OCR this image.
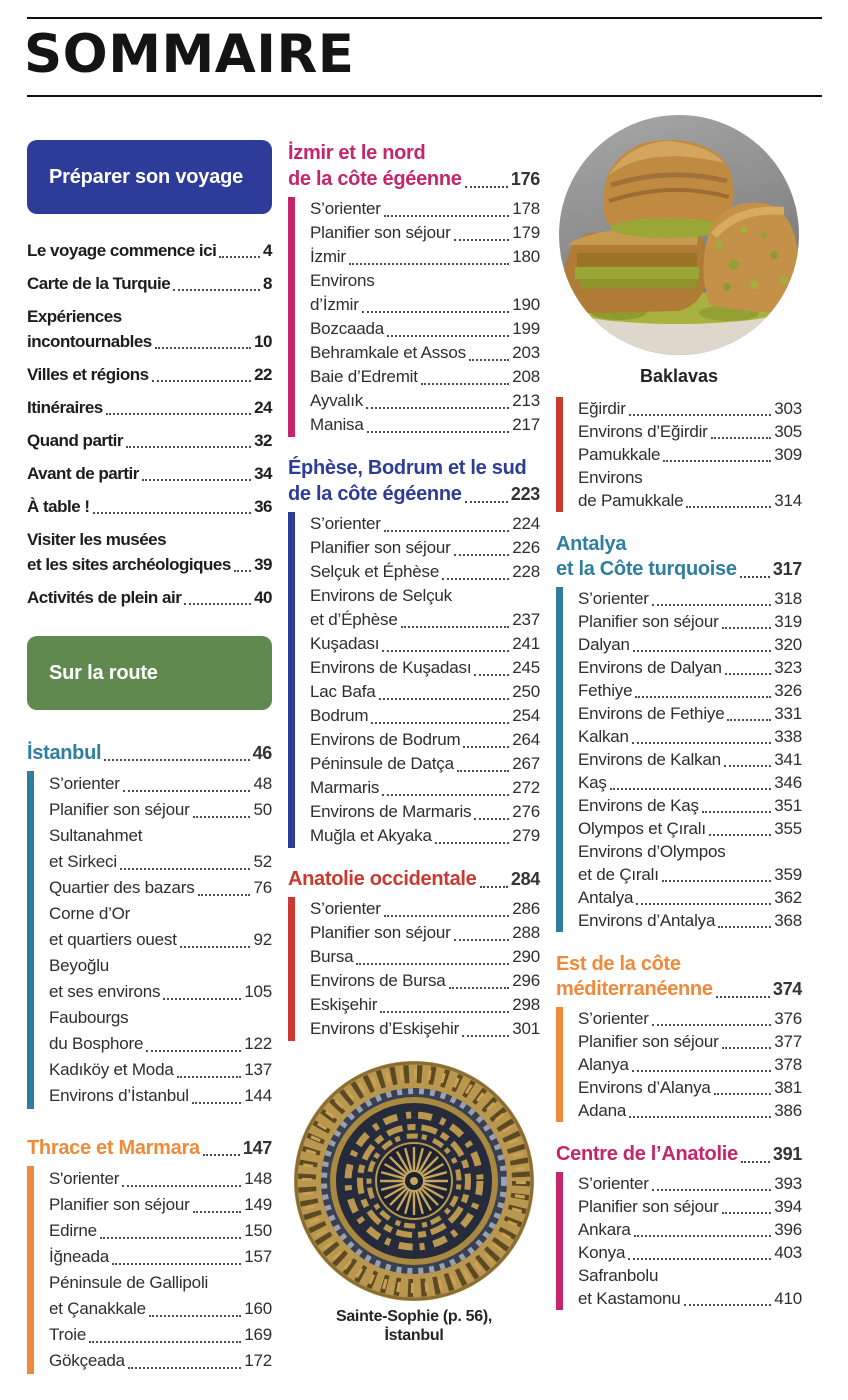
SOMMAIRE
Préparer son voyage
Le voyage commence ici	4
Carte de la Turquie	8
Expériences
incontournables	10
Villes et régions	22
Itinéraires	24
Quand partir	32
Avant de partir	34
À table !	36
Visiter les musées
et les sites archéologiques 39
Activités de plein air	40
Sur la route
İstanbul	46
S’orienter	48
Planifier son séjour	50
Sultanahmet
et Sirkeci	52
Quartier des bazars	76
Corne d’Or
et quartiers ouest	92
Beyoğlu
et ses environs	105
Faubourgs
du Bosphore	122
Kadıköy et Moda	137
Environs d’İstanbul	144
Thrace et Marmara 147
S'orienter	148
Planifier son séjour	149
Edirne	150
İğneada	157
Péninsule de Gallipoli
et Çanakkale	160
Troie	169
Gökçeada	172
İzmir et le nord
de la côte égéenne	176
S’orienter	178
Planifier son séjour	179
İzmir	180
Environs
d’İzmir	190
Bozcaada	199
Behramkale et Assos	203
Baie d’Edremit	208
Ayvalık	213
Manisa	217
Éphèse, Bodrum et le sud
de la côte égéenne	223
S’orienter	224
Planifier son séjour	226
Selçuk et Éphèse	228
Environs de Selçuk
et d’Éphèse	237
Kuşadası	241
Environs de Kuşadası 245
Lac Bafa	250
Bodrum	254
Environs de Bodrum	264
Péninsule de Datça	267
Marmaris	272
Environs de Marmaris 276
Muğla et Akyaka	279
Anatolie occidentale 284
S’orienter	286
Planifier son séjour	288
Bursa	290
Environs de Bursa	296
Eskişehir	298
Environs d’Eskişehir	301
Sainte-Sophie (p. 56),
İstanbul
Baklavas
Eğirdir	303
Environs d’Eğirdir	305
Pamukkale	309
Environs
de Pamukkale	314
Antalya
et la Côte turquoise 317
S’orienter	318
Planifier son séjour	319
Dalyan	320
Environs de Dalyan	323
Fethiye	326
Environs de Fethiye	331
Kalkan	338
Environs de Kalkan	341
Kaş	346
Environs de Kaş	351
Olympos et Çıralı	355
Environs d’Olympos
et de Çıralı	359
Antalya	362
Environs d’Antalya	368
Est de la côte
méditerranéenne	374
S’orienter	376
Planifier son séjour	377
Alanya	378
Environs d’Alanya	381
Adana	386
Centre de l’Anatolie 391
S’orienter	393
Planifier son séjour	394
Ankara	396
Konya	403
Safranbolu
et Kastamonu	410
